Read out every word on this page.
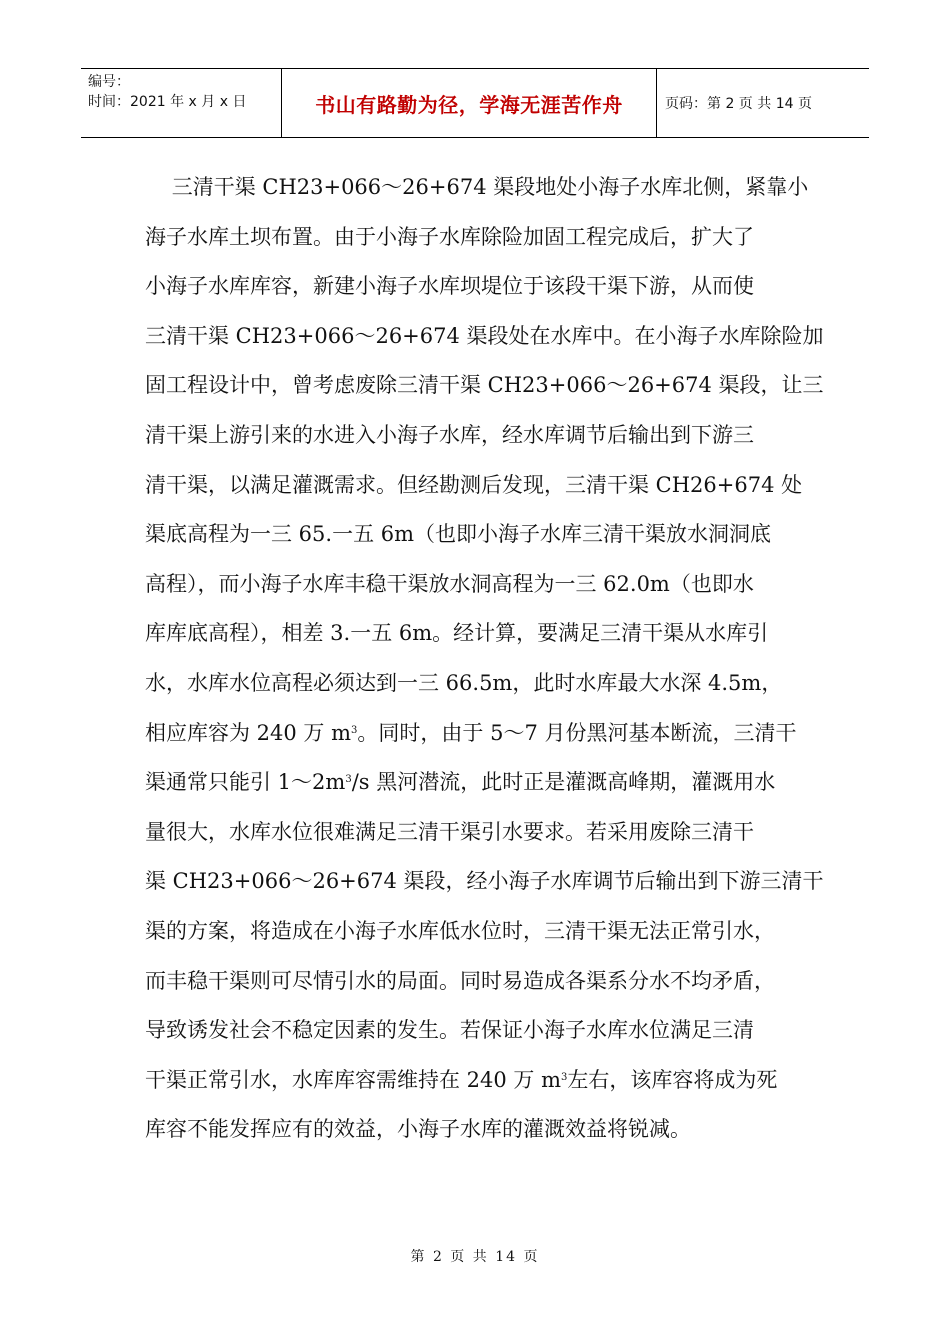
编号：
时间：2021 年 x 月 x 日	书山有路勤为径，学海无涯苦作舟	页码：第 2 页 共 14 页
三清干渠 CH23+066～26+674 渠段地处小海子水库北侧，紧靠小
海子水库土坝布置。由于小海子水库除险加固工程完成后，扩大了
小海子水库库容，新建小海子水库坝堤位于该段干渠下游，从而使
三清干渠 CH23+066～26+674 渠段处在水库中。在小海子水库除险加
固工程设计中，曾考虑废除三清干渠 CH23+066～26+674 渠段，让三
清干渠上游引来的水进入小海子水库，经水库调节后输出到下游三
清干渠，以满足灌溉需求。但经勘测后发现，三清干渠 CH26+674 处
渠底高程为一三 65.一五 6m（也即小海子水库三清干渠放水洞洞底
高程），而小海子水库丰稳干渠放水洞高程为一三 62.0m（也即水
库库底高程），相差 3.一五 6m。经计算，要满足三清干渠从水库引
水，水库水位高程必须达到一三 66.5m，此时水库最大水深 4.5m，
相应库容为 240 万 $m^3$。同时，由于 5～7 月份黑河基本断流，三清干
渠通常只能引 $1\sim 2m^3/s$ 黑河潜流，此时正是灌溉高峰期，灌溉用水
量很大，水库水位很难满足三清干渠引水要求。若采用废除三清干
渠 CH23+066～26+674 渠段，经小海子水库调节后输出到下游三清干
渠的方案，将造成在小海子水库低水位时，三清干渠无法正常引水，
而丰稳干渠则可尽情引水的局面。同时易造成各渠系分水不均矛盾，
导致诱发社会不稳定因素的发生。若保证小海子水库水位满足三清
干渠正常引水，水库库容需维持在 240 万 $m^3$左右，该库容将成为死
库容不能发挥应有的效益，小海子水库的灌溉效益将锐减。
第 2 页 共 14 页
